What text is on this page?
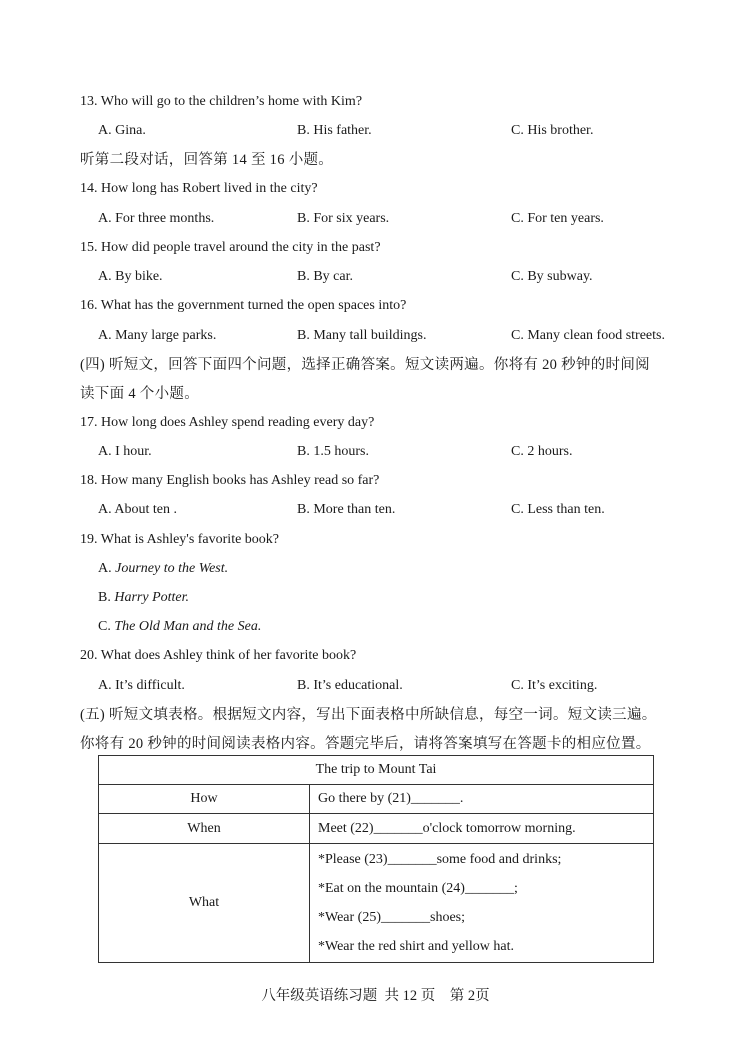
13. Who will go to the children’s home with Kim?
A. Gina.	B. His father.	C. His brother.
听第二段对话，回答第 14 至 16 小题。
14. How long has Robert lived in the city?
A. For three months.	B. For six years.	C. For ten years.
15. How did people travel around the city in the past?
A. By bike.	B. By car.	C. By subway.
16. What has the government turned the open spaces into?
A. Many large parks.	B. Many tall buildings.	C. Many clean food streets.
(四) 听短文，回答下面四个问题，选择正确答案。短文读两遍。你将有 20 秒钟的时间阅
读下面 4 个小题。
17. How long does Ashley spend reading every day?
A. I hour.	B. 1.5 hours.	C. 2 hours.
18. How many English books has Ashley read so far?
A. About ten .	B. More than ten.	C. Less than ten.
19. What is Ashley's favorite book?
A. Journey to the West.
B. Harry Potter.
C. The Old Man and the Sea.
20. What does Ashley think of her favorite book?
A. It’s difficult.	B. It’s educational.	C. It’s exciting.
(五) 听短文填表格。根据短文内容，写出下面表格中所缺信息，每空一词。短文读三遍。
你将有 20 秒钟的时间阅读表格内容。答题完毕后，请将答案填写在答题卡的相应位置。
The trip to Mount Tai	
How	Go there by (21)_______.
When	Meet (22)_______o'clock tomorrow morning.
What	*Please (23)_______some food and drinks;
*Eat on the mountain (24)_______;
*Wear (25)_______shoes;
*Wear the red shirt and yellow hat.
八年级英语练习题  共 12 页    第 2页
